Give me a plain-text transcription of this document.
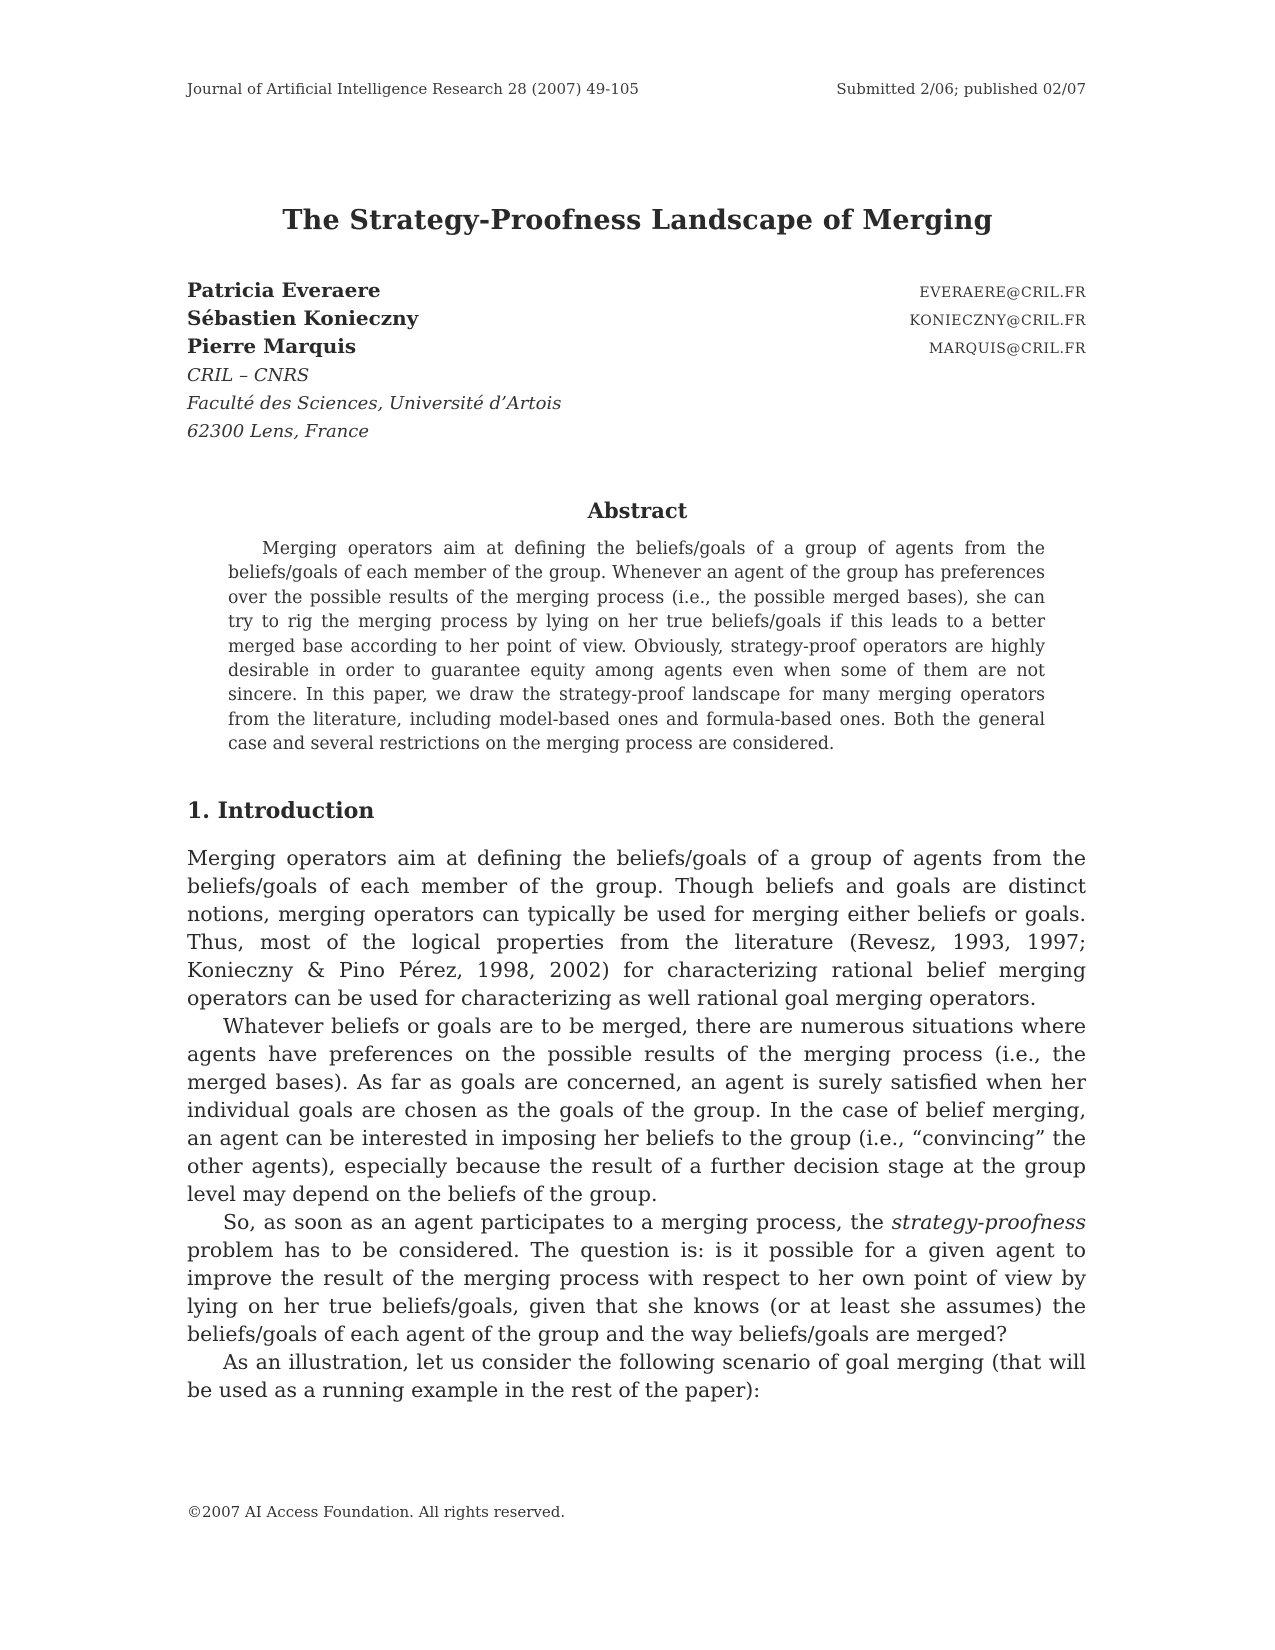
Journal of Artificial Intelligence Research 28 (2007) 49-105	Submitted 2/06; published 02/07
The Strategy-Proofness Landscape of Merging
Patricia Everaere	EVERAERE@CRIL.FR
Sébastien Konieczny	KONIECZNY@CRIL.FR
Pierre Marquis	MARQUIS@CRIL.FR
CRIL – CNRS
Faculté des Sciences, Université d’Artois
62300 Lens, France
Abstract

Merging operators aim at defining the beliefs/goals of a group of agents from the beliefs/goals of each member of the group. Whenever an agent of the group has preferences over the possible results of the merging process (i.e., the possible merged bases), she can try to rig the merging process by lying on her true beliefs/goals if this leads to a better merged base according to her point of view. Obviously, strategy-proof operators are highly desirable in order to guarantee equity among agents even when some of them are not sincere. In this paper, we draw the strategy-proof landscape for many merging operators from the literature, including model-based ones and formula-based ones. Both the general case and several restrictions on the merging process are considered.

1. Introduction

Merging operators aim at defining the beliefs/goals of a group of agents from the beliefs/goals of each member of the group. Though beliefs and goals are distinct notions, merging operators can typically be used for merging either beliefs or goals. Thus, most of the logical properties from the literature (Revesz, 1993, 1997; Konieczny & Pino Pérez, 1998, 2002) for characterizing rational belief merging operators can be used for characterizing as well rational goal merging operators.

Whatever beliefs or goals are to be merged, there are numerous situations where agents have preferences on the possible results of the merging process (i.e., the merged bases). As far as goals are concerned, an agent is surely satisfied when her individual goals are chosen as the goals of the group. In the case of belief merging, an agent can be interested in imposing her beliefs to the group (i.e., “convincing” the other agents), especially because the result of a further decision stage at the group level may depend on the beliefs of the group.

So, as soon as an agent participates to a merging process, the strategy-proofness problem has to be considered. The question is: is it possible for a given agent to improve the result of the merging process with respect to her own point of view by lying on her true beliefs/goals, given that she knows (or at least she assumes) the beliefs/goals of each agent of the group and the way beliefs/goals are merged?

As an illustration, let us consider the following scenario of goal merging (that will be used as a running example in the rest of the paper):

©2007 AI Access Foundation. All rights reserved.
